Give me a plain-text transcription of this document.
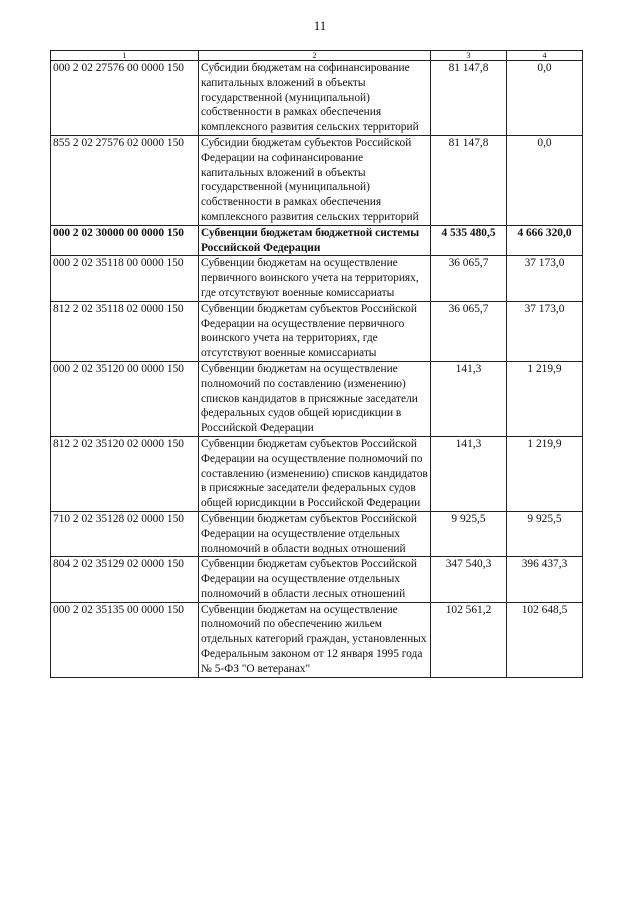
11
1	2	3	4
000 2 02 27576 00 0000 150	Субсидии бюджетам на софинансирование капитальных вложений в объекты государственной (муниципальной) собственности в рамках обеспечения комплексного развития сельских территорий	81 147,8	0,0
855 2 02 27576 02 0000 150	Субсидии бюджетам субъектов Российской Федерации на софинансирование капитальных вложений в объекты государственной (муниципальной) собственности в рамках обеспечения комплексного развития сельских территорий	81 147,8	0,0
000 2 02 30000 00 0000 150	Субвенции бюджетам бюджетной системы Российской Федерации	4 535 480,5	4 666 320,0
000 2 02 35118 00 0000 150	Субвенции бюджетам на осуществление первичного воинского учета на территориях, где отсутствуют военные комиссариаты	36 065,7	37 173,0
812 2 02 35118 02 0000 150	Субвенции бюджетам субъектов Российской Федерации на осуществление первичного воинского учета на территориях, где отсутствуют военные комиссариаты	36 065,7	37 173,0
000 2 02 35120 00 0000 150	Субвенции бюджетам на осуществление полномочий по составлению (изменению) списков кандидатов в присяжные заседатели федеральных судов общей юрисдикции в Российской Федерации	141,3	1 219,9
812 2 02 35120 02 0000 150	Субвенции бюджетам субъектов Российской Федерации на осуществление полномочий по составлению (изменению) списков кандидатов в присяжные заседатели федеральных судов общей юрисдикции в Российской Федерации	141,3	1 219,9
710 2 02 35128 02 0000 150	Субвенции бюджетам субъектов Российской Федерации на осуществление отдельных полномочий в области водных отношений	9 925,5	9 925,5
804 2 02 35129 02 0000 150	Субвенции бюджетам субъектов Российской Федерации на осуществление отдельных полномочий в области лесных отношений	347 540,3	396 437,3
000 2 02 35135 00 0000 150	Субвенции бюджетам на осуществление полномочий по обеспечению жильем отдельных категорий граждан, установленных Федеральным законом от 12 января 1995 года № 5-ФЗ "О ветеранах"	102 561,2	102 648,5
